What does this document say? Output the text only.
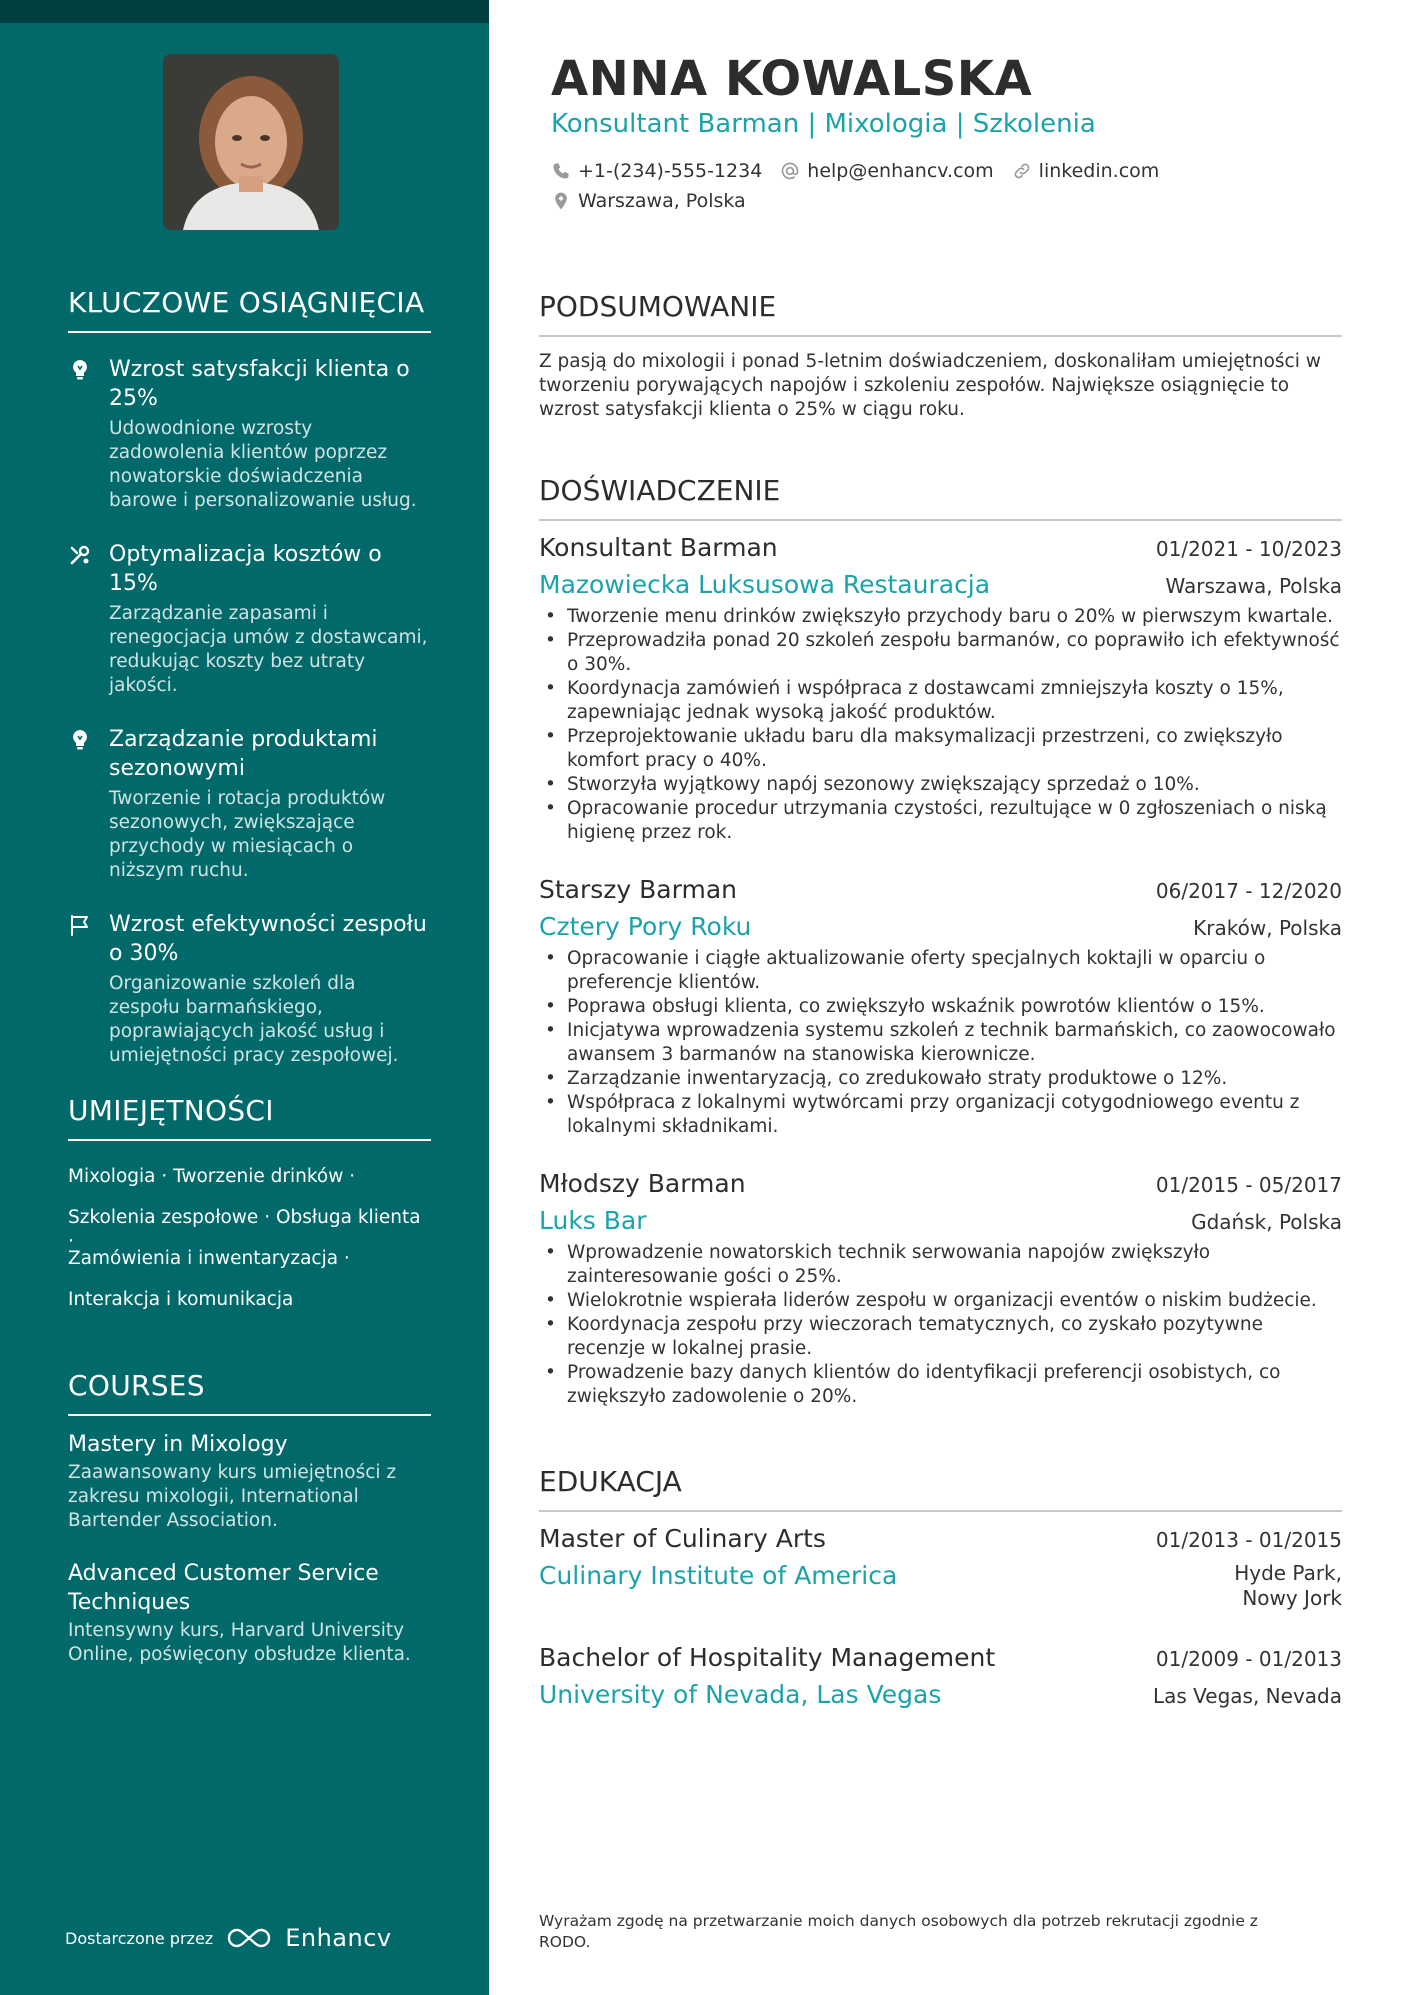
KLUCZOWE OSIĄGNIĘCIA
Wzrost satysfakcji klienta o 25%
Udowodnione wzrosty zadowolenia klientów poprzez nowatorskie doświadczenia barowe i personalizowanie usług.
Optymalizacja kosztów o 15%
Zarządzanie zapasami i renegocjacja umów z dostawcami, redukując koszty bez utraty jakości.
Zarządzanie produktami sezonowymi
Tworzenie i rotacja produktów sezonowych, zwiększające przychody w miesiącach o niższym ruchu.
Wzrost efektywności zespołu o 30%
Organizowanie szkoleń dla zespołu barmańskiego, poprawiających jakość usług i umiejętności pracy zespołowej.
UMIEJĘTNOŚCI
Mixologia · Tworzenie drinków ·
Szkolenia zespołowe · Obsługa klienta ·
Zamówienia i inwentaryzacja ·
Interakcja i komunikacja
COURSES
Mastery in Mixology
Zaawansowany kurs umiejętności z zakresu mixologii, International Bartender Association.
Advanced Customer Service Techniques
Intensywny kurs, Harvard University Online, poświęcony obsłudze klienta.
Dostarczone przez	Enhancv
ANNA KOWALSKA
Konsultant Barman | Mixologia | Szkolenia
+1-(234)-555-1234 help@enhancv.com linkedin.com
Warszawa, Polska
PODSUMOWANIE
Z pasją do mixologii i ponad 5-letnim doświadczeniem, doskonaliłam umiejętności w tworzeniu porywających napojów i szkoleniu zespołów. Największe osiągnięcie to wzrost satysfakcji klienta o 25% w ciągu roku.
DOŚWIADCZENIE
Konsultant Barman	01/2021 - 10/2023
Mazowiecka Luksusowa Restauracja	Warszawa, Polska
• Tworzenie menu drinków zwiększyło przychody baru o 20% w pierwszym kwartale.
• Przeprowadziła ponad 20 szkoleń zespołu barmanów, co poprawiło ich efektywność o 30%.
• Koordynacja zamówień i współpraca z dostawcami zmniejszyła koszty o 15%, zapewniając jednak wysoką jakość produktów.
• Przeprojektowanie układu baru dla maksymalizacji przestrzeni, co zwiększyło komfort pracy o 40%.
• Stworzyła wyjątkowy napój sezonowy zwiększający sprzedaż o 10%.
• Opracowanie procedur utrzymania czystości, rezultujące w 0 zgłoszeniach o niską higienę przez rok.
Starszy Barman	06/2017 - 12/2020
Cztery Pory Roku	Kraków, Polska
• Opracowanie i ciągłe aktualizowanie oferty specjalnych koktajli w oparciu o preferencje klientów.
• Poprawa obsługi klienta, co zwiększyło wskaźnik powrotów klientów o 15%.
• Inicjatywa wprowadzenia systemu szkoleń z technik barmańskich, co zaowocowało awansem 3 barmanów na stanowiska kierownicze.
• Zarządzanie inwentaryzacją, co zredukowało straty produktowe o 12%.
• Współpraca z lokalnymi wytwórcami przy organizacji cotygodniowego eventu z lokalnymi składnikami.
Młodszy Barman	01/2015 - 05/2017
Luks Bar	Gdańsk, Polska
• Wprowadzenie nowatorskich technik serwowania napojów zwiększyło zainteresowanie gości o 25%.
• Wielokrotnie wspierała liderów zespołu w organizacji eventów o niskim budżecie.
• Koordynacja zespołu przy wieczorach tematycznych, co zyskało pozytywne recenzje w lokalnej prasie.
• Prowadzenie bazy danych klientów do identyfikacji preferencji osobistych, co zwiększyło zadowolenie o 20%.
EDUKACJA
Master of Culinary Arts	01/2013 - 01/2015
Culinary Institute of America	Hyde Park, Nowy Jork
Bachelor of Hospitality Management	01/2009 - 01/2013
University of Nevada, Las Vegas	Las Vegas, Nevada
Wyrażam zgodę na przetwarzanie moich danych osobowych dla potrzeb rekrutacji zgodnie z RODO.
